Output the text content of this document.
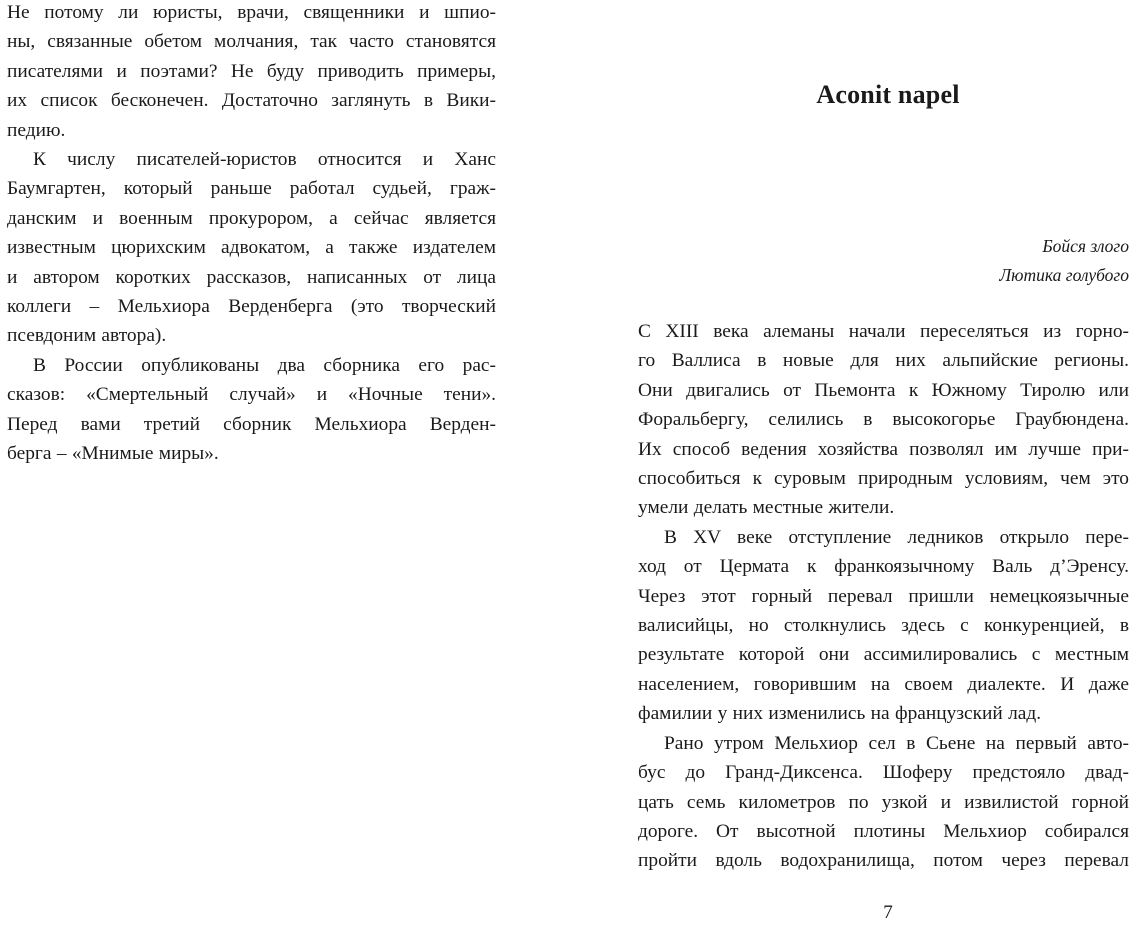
Не потому ли юристы, врачи, священники и шпио-
ны, связанные обетом молчания, так часто становятся
писателями и поэтами? Не буду приводить примеры,
их список бесконечен. Достаточно заглянуть в Вики-
педию.

К числу писателей-юристов относится и Ханс
Баумгартен, который раньше работал судьей, граж-
данским и военным прокурором, а сейчас является
известным цюрихским адвокатом, а также издателем
и автором коротких рассказов, написанных от лица
коллеги – Мельхиора Верденберга (это творческий
псевдоним автора).

В России опубликованы два сборника его рас-
сказов: «Смертельный случай» и «Ночные тени».
Перед вами третий сборник Мельхиора Верден-
берга – «Мнимые миры».

Aconit napel
Бойся злого
Лютика голубого

С XIII века алеманы начали переселяться из горно-
го Валлиса в новые для них альпийские регионы.
Они двигались от Пьемонта к Южному Тиролю или
Форальбергу, селились в высокогорье Граубюндена.
Их способ ведения хозяйства позволял им лучше при-
способиться к суровым природным условиям, чем это
умели делать местные жители.

В XV веке отступление ледников открыло пере-
ход от Цермата к франкоязычному Валь д’Эренсу.
Через этот горный перевал пришли немецкоязычные
валисийцы, но столкнулись здесь с конкуренцией, в
результате которой они ассимилировались с местным
населением, говорившим на своем диалекте. И даже
фамилии у них изменились на французский лад.

Рано утром Мельхиор сел в Сьене на первый авто-
бус до Гранд-Диксенса. Шоферу предстояло двад-
цать семь километров по узкой и извилистой горной
дороге. От высотной плотины Мельхиор собирался
пройти вдоль водохранилища, потом через перевал

7
